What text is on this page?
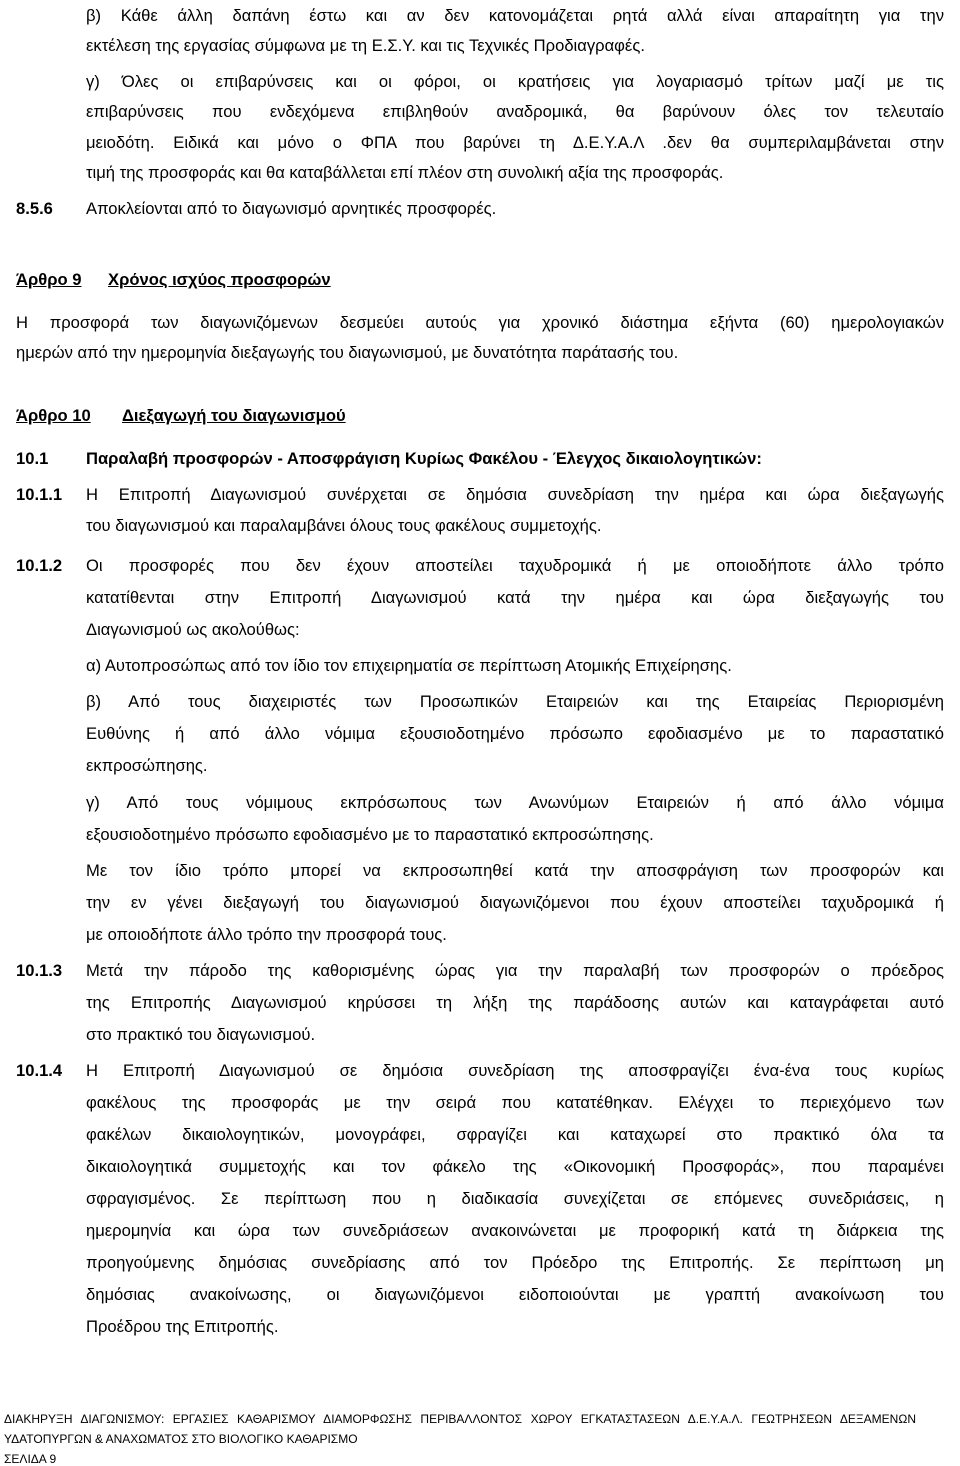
β) Κάθε άλλη δαπάνη έστω και αν δεν κατονομάζεται ρητά αλλά είναι απαραίτητη για την
εκτέλεση της εργασίας σύμφωνα με τη Ε.Σ.Υ. και τις Τεχνικές Προδιαγραφές.
γ) Όλες οι επιβαρύνσεις και οι φόροι, οι κρατήσεις για λογαριασμό τρίτων μαζί με τις
επιβαρύνσεις που ενδεχόμενα επιβληθούν αναδρομικά, θα βαρύνουν όλες τον τελευταίο
μειοδότη. Ειδικά και μόνο ο ΦΠΑ που βαρύνει τη Δ.Ε.Υ.Α.Λ .δεν θα συμπεριλαμβάνεται στην
τιμή της προσφοράς και θα καταβάλλεται επί πλέον στη συνολική αξία της προσφοράς.
8.5.6 Αποκλείονται από το διαγωνισμό αρνητικές προσφορές.
Άρθρο 9 Χρόνος ισχύος προσφορών
Η προσφορά των διαγωνιζόμενων δεσμεύει αυτούς για χρονικό διάστημα εξήντα (60) ημερολογιακών
ημερών από την ημερομηνία διεξαγωγής του διαγωνισμού, με δυνατότητα παράτασής του.
Άρθρο 10 Διεξαγωγή του διαγωνισμού
10.1 Παραλαβή προσφορών - Αποσφράγιση Κυρίως Φακέλου - Έλεγχος δικαιολογητικών:
10.1.1 Η Επιτροπή Διαγωνισμού συνέρχεται σε δημόσια συνεδρίαση την ημέρα και ώρα διεξαγωγής
του διαγωνισμού και παραλαμβάνει όλους τους φακέλους συμμετοχής.
10.1.2 Οι προσφορές που δεν έχουν αποστείλει ταχυδρομικά ή με οποιοδήποτε άλλο τρόπο
κατατίθενται στην Επιτροπή Διαγωνισμού κατά την ημέρα και ώρα διεξαγωγής του
Διαγωνισμού ως ακολούθως:
α) Αυτοπροσώπως από τον ίδιο τον επιχειρηματία σε περίπτωση Ατομικής Επιχείρησης.
β) Από τους διαχειριστές των Προσωπικών Εταιρειών και της Εταιρείας Περιορισμένη
Ευθύνης ή από άλλο νόμιμα εξουσιοδοτημένο πρόσωπο εφοδιασμένο με το παραστατικό
εκπροσώπησης.
γ) Από τους νόμιμους εκπρόσωπους των Ανωνύμων Εταιρειών ή από άλλο νόμιμα
εξουσιοδοτημένο πρόσωπο εφοδιασμένο με το παραστατικό εκπροσώπησης.
Με τον ίδιο τρόπο μπορεί να εκπροσωπηθεί κατά την αποσφράγιση των προσφορών και
την εν γένει διεξαγωγή του διαγωνισμού διαγωνιζόμενοι που έχουν αποστείλει ταχυδρομικά ή
με οποιοδήποτε άλλο τρόπο την προσφορά τους.
10.1.3 Μετά την πάροδο της καθορισμένης ώρας για την παραλαβή των προσφορών ο πρόεδρος
της Επιτροπής Διαγωνισμού κηρύσσει τη λήξη της παράδοσης αυτών και καταγράφεται αυτό
στο πρακτικό του διαγωνισμού.
10.1.4 Η Επιτροπή Διαγωνισμού σε δημόσια συνεδρίαση της αποσφραγίζει ένα-ένα τους κυρίως
φακέλους της προσφοράς με την σειρά που κατατέθηκαν. Ελέγχει το περιεχόμενο των
φακέλων δικαιολογητικών, μονογράφει, σφραγίζει και καταχωρεί στο πρακτικό όλα τα
δικαιολογητικά συμμετοχής και τον φάκελο της «Οικονομική Προσφοράς», που παραμένει
σφραγισμένος. Σε περίπτωση που η διαδικασία συνεχίζεται σε επόμενες συνεδριάσεις, η
ημερομηνία και ώρα των συνεδριάσεων ανακοινώνεται με προφορική κατά τη διάρκεια της
προηγούμενης δημόσιας συνεδρίασης από τον Πρόεδρο της Επιτροπής. Σε περίπτωση μη
δημόσιας ανακοίνωσης, οι διαγωνιζόμενοι ειδοποιούνται με γραπτή ανακοίνωση του
Προέδρου της Επιτροπής.
ΔΙΑΚΗΡΥΞΗ ΔΙΑΓΩΝΙΣΜΟΥ: ΕΡΓΑΣΙΕΣ ΚΑΘΑΡΙΣΜΟΥ ΔΙΑΜΟΡΦΩΣΗΣ ΠΕΡΙΒΑΛΛΟΝΤΟΣ ΧΩΡΟΥ ΕΓΚΑΤΑΣΤΑΣΕΩΝ Δ.Ε.Υ.Α.Λ. ΓΕΩΤΡΗΣΕΩΝ ΔΕΞΑΜΕΝΩΝ
ΥΔΑΤΟΠΥΡΓΩΝ & ΑΝΑΧΩΜΑΤΟΣ ΣΤΟ ΒΙΟΛΟΓΙΚΟ ΚΑΘΑΡΙΣΜΟ
ΣΕΛΙΔΑ 9
